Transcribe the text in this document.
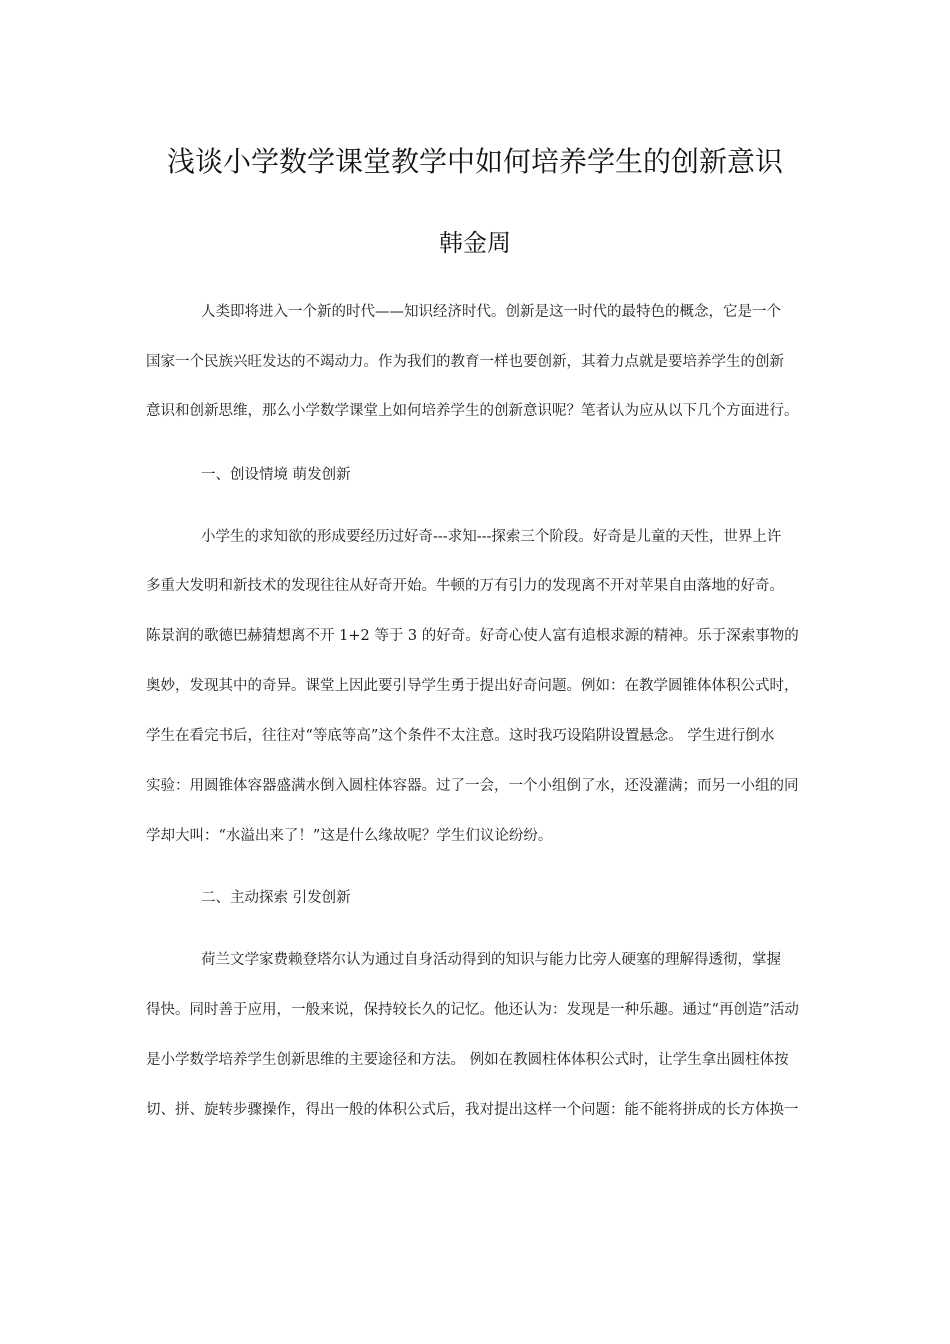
浅谈小学数学课堂教学中如何培养学生的创新意识
韩金周
人类即将进入一个新的时代——知识经济时代。创新是这一时代的最特色的概念，它是一个
国家一个民族兴旺发达的不竭动力。作为我们的教育一样也要创新，其着力点就是要培养学生的创新
意识和创新思维，那么小学数学课堂上如何培养学生的创新意识呢？笔者认为应从以下几个方面进行。
一、创设情境 萌发创新
小学生的求知欲的形成要经历过好奇---求知---探索三个阶段。好奇是儿童的天性，世界上许
多重大发明和新技术的发现往往从好奇开始。牛顿的万有引力的发现离不开对苹果自由落地的好奇。
陈景润的歌德巴赫猜想离不开 1+2 等于 3 的好奇。好奇心使人富有追根求源的精神。乐于深索事物的
奥妙，发现其中的奇异。课堂上因此要引导学生勇于提出好奇问题。例如：在教学圆锥体体积公式时，
学生在看完书后，往往对“等底等高”这个条件不太注意。这时我巧设陷阱设置悬念。 学生进行倒水
实验：用圆锥体容器盛满水倒入圆柱体容器。过了一会，一个小组倒了水，还没灌满；而另一小组的同
学却大叫：“水溢出来了！”这是什么缘故呢？学生们议论纷纷。
二、主动探索 引发创新
荷兰文学家费赖登塔尔认为通过自身活动得到的知识与能力比旁人硬塞的理解得透彻，掌握
得快。同时善于应用，一般来说，保持较长久的记忆。他还认为：发现是一种乐趣。通过“再创造”活动
是小学数学培养学生创新思维的主要途径和方法。 例如在教圆柱体体积公式时，让学生拿出圆柱体按
切、拼、旋转步骤操作，得出一般的体积公式后，我对提出这样一个问题：能不能将拼成的长方体换一
